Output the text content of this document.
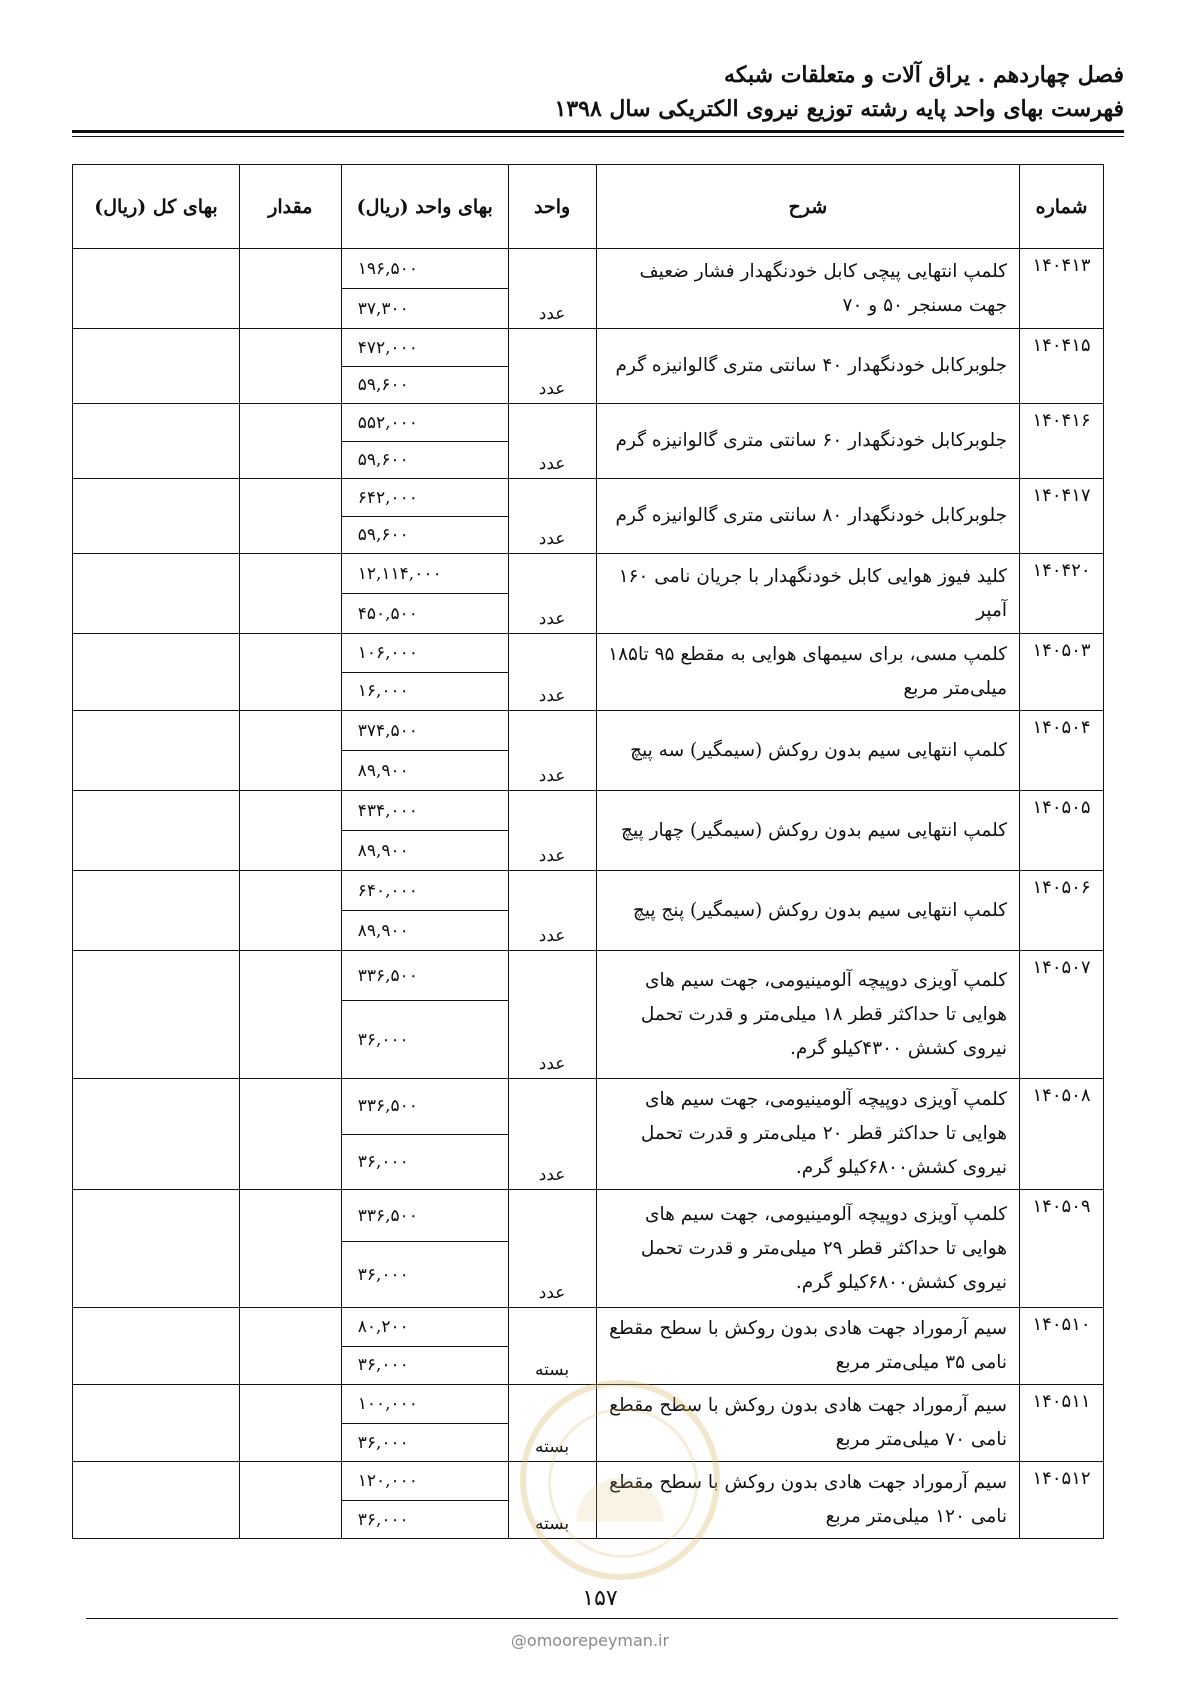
فصل چهاردهم . یراق آلات و متعلقات شبکه
فهرست بهای واحد پایه رشته توزیع نیروی الکتریکی سال ۱۳۹۸
شماره	شرح	واحد	بهای واحد (ریال)	مقدار	بهای کل (ریال)
۱۴۰۴۱۳	کلمپ انتهایی پیچی کابل خودنگهدار فشار ضعیف جهت مسنجر ۵۰ و ۷۰	عدد	۱۹۶,۵۰۰		
			۳۷,۳۰۰		
۱۴۰۴۱۵	جلوبرکابل خودنگهدار ۴۰ سانتی متری گالوانیزه گرم	عدد	۴۷۲,۰۰۰		
			۵۹,۶۰۰		
۱۴۰۴۱۶	جلوبرکابل خودنگهدار ۶۰ سانتی متری گالوانیزه گرم	عدد	۵۵۲,۰۰۰		
			۵۹,۶۰۰		
۱۴۰۴۱۷	جلوبرکابل خودنگهدار ۸۰ سانتی متری گالوانیزه گرم	عدد	۶۴۲,۰۰۰		
			۵۹,۶۰۰		
۱۴۰۴۲۰	کلید فیوز هوایی کابل خودنگهدار با جریان نامی ۱۶۰ آمپر	عدد	۱۲,۱۱۴,۰۰۰		
			۴۵۰,۵۰۰		
۱۴۰۵۰۳	کلمپ مسی، برای سیمهای هوایی به مقطع ۹۵ تا۱۸۵ میلی‌متر مربع	عدد	۱۰۶,۰۰۰		
			۱۶,۰۰۰		
۱۴۰۵۰۴	کلمپ انتهایی سیم بدون روکش (سیمگیر) سه پیچ	عدد	۳۷۴,۵۰۰		
			۸۹,۹۰۰		
۱۴۰۵۰۵	کلمپ انتهایی سیم بدون روکش (سیمگیر) چهار پیچ	عدد	۴۳۴,۰۰۰		
			۸۹,۹۰۰		
۱۴۰۵۰۶	کلمپ انتهایی سیم بدون روکش (سیمگیر) پنج پیچ	عدد	۶۴۰,۰۰۰		
			۸۹,۹۰۰		
۱۴۰۵۰۷	کلمپ آویزی دوپیچه آلومینیومی، جهت سیم های هوایی تا حداکثر قطر ۱۸ میلی‌متر و قدرت تحمل نیروی کشش ۴۳۰۰کیلو گرم.	عدد	۳۳۶,۵۰۰		
			۳۶,۰۰۰		
۱۴۰۵۰۸	کلمپ آویزی دوپیچه آلومینیومی، جهت سیم های هوایی تا حداکثر قطر ۲۰ میلی‌متر و قدرت تحمل نیروی کشش۶۸۰۰کیلو گرم.	عدد	۳۳۶,۵۰۰		
			۳۶,۰۰۰		
۱۴۰۵۰۹	کلمپ آویزی دوپیچه آلومینیومی، جهت سیم های هوایی تا حداکثر قطر ۲۹ میلی‌متر و قدرت تحمل نیروی کشش۶۸۰۰کیلو گرم.	عدد	۳۳۶,۵۰۰		
			۳۶,۰۰۰		
۱۴۰۵۱۰	سیم آرموراد جهت هادی بدون روکش با سطح مقطع نامی ۳۵ میلی‌متر مربع	بسته	۸۰,۲۰۰		
			۳۶,۰۰۰		
۱۴۰۵۱۱	سیم آرموراد جهت هادی بدون روکش با سطح مقطع نامی ۷۰ میلی‌متر مربع	بسته	۱۰۰,۰۰۰		
			۳۶,۰۰۰		
۱۴۰۵۱۲	سیم آرموراد جهت هادی بدون روکش با سطح مقطع نامی ۱۲۰ میلی‌متر مربع	بسته	۱۲۰,۰۰۰		
			۳۶,۰۰۰		
۱۵۷
@omoorepeyman.ir
